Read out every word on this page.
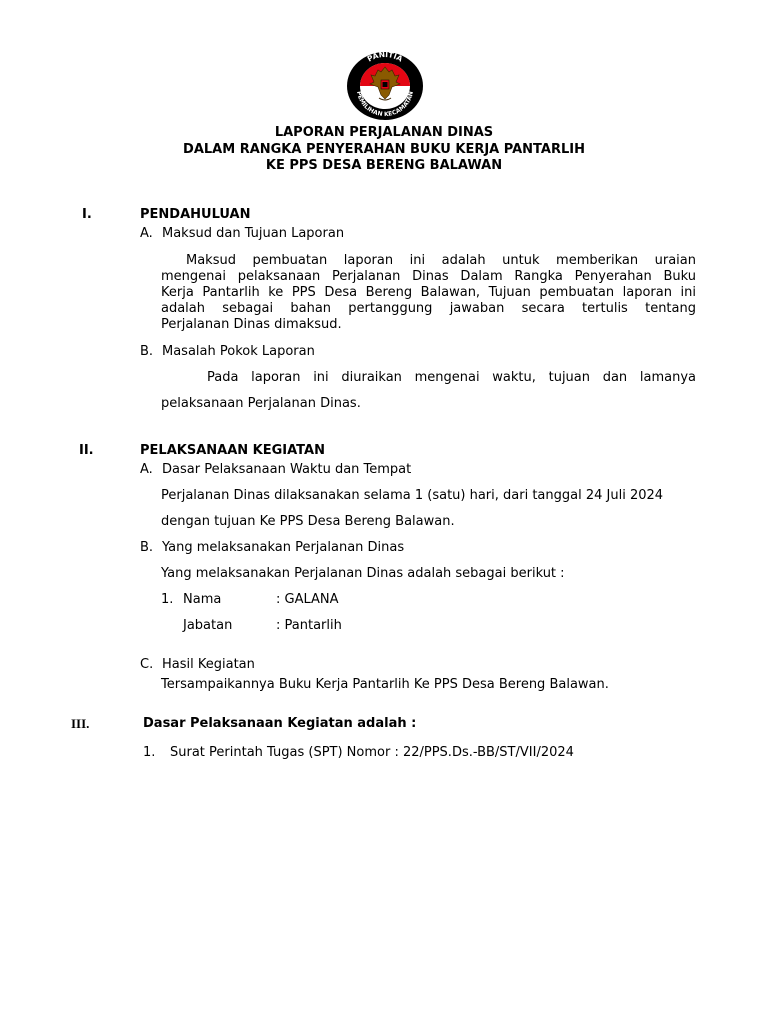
PANITIA
PEMILIHAN KECAMATAN
LAPORAN PERJALANAN DINAS
DALAM RANGKA PENYERAHAN BUKU KERJA PANTARLIH
KE PPS DESA BERENG BALAWAN
I.	PENDAHULUAN
A. Maksud dan Tujuan Laporan
Maksud pembuatan laporan ini adalah untuk memberikan uraian
mengenai pelaksanaan Perjalanan Dinas Dalam Rangka Penyerahan Buku
Kerja Pantarlih ke PPS Desa Bereng Balawan, Tujuan pembuatan laporan ini
adalah sebagai bahan pertanggung jawaban secara tertulis tentang
Perjalanan Dinas dimaksud.
B. Masalah Pokok Laporan
Pada laporan ini diuraikan mengenai waktu, tujuan dan lamanya
pelaksanaan Perjalanan Dinas.
II.	PELAKSANAAN KEGIATAN
A. Dasar Pelaksanaan Waktu dan Tempat
Perjalanan Dinas dilaksanakan selama 1 (satu) hari, dari tanggal 24 Juli 2024
dengan tujuan Ke PPS Desa Bereng Balawan.
B. Yang melaksanakan Perjalanan Dinas
Yang melaksanakan Perjalanan Dinas adalah sebagai berikut :
1. Nama	: GALANA
Jabatan	: Pantarlih
C. Hasil Kegiatan
Tersampaikannya Buku Kerja Pantarlih Ke PPS Desa Bereng Balawan.
III.	Dasar Pelaksanaan Kegiatan adalah :
1. Surat Perintah Tugas (SPT) Nomor : 22/PPS.Ds.-BB/ST/VII/2024
